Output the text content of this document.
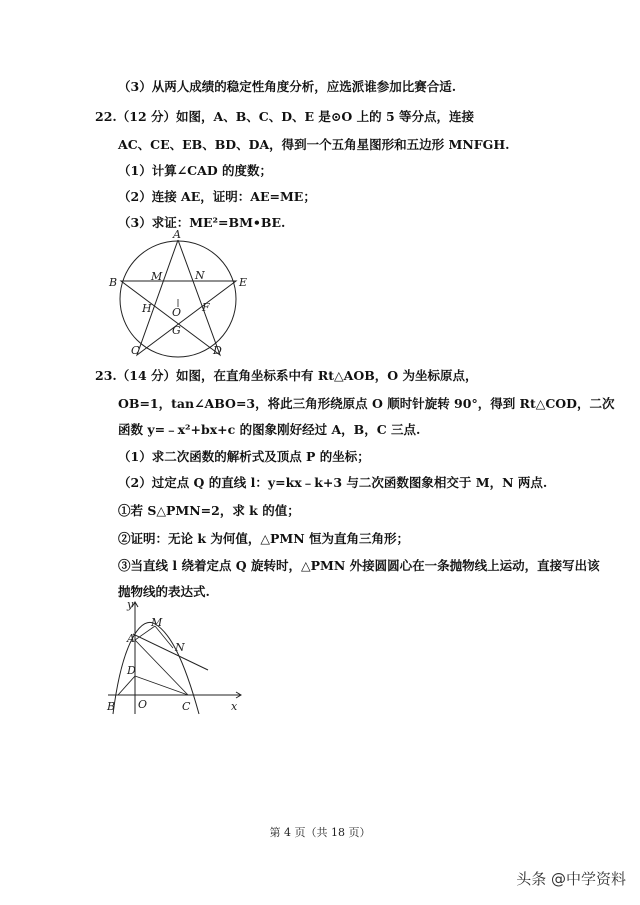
（3）从两人成绩的稳定性角度分析，应选派谁参加比赛合适.
22.（12 分）如图，A、B、C、D、E 是⊙O 上的 5 等分点，连接
AC、CE、EB、BD、DA，得到一个五角星图形和五边形 MNFGH.
（1）计算∠CAD 的度数；
（2）连接 AE，证明：AE=ME；
（3）求证：ME²=BM•BE.
A
B
C	D
E
M	N
O
H	F
G
23.（14 分）如图，在直角坐标系中有 Rt△AOB，O 为坐标原点，
OB=1，tan∠ABO=3，将此三角形绕原点 O 顺时针旋转 90°，得到 Rt△COD，二次
函数 y=﹣x²+bx+c 的图象刚好经过 A，B，C 三点.
（1）求二次函数的解析式及顶点 P 的坐标；
（2）过定点 Q 的直线 l：y=kx﹣k+3 与二次函数图象相交于 M，N 两点.
①若 S△PMN=2，求 k 的值；
②证明：无论 k 为何值，△PMN 恒为直角三角形；
③当直线 l 绕着定点 Q 旋转时，△PMN 外接圆圆心在一条抛物线上运动，直接写出该
抛物线的表达式.
y
x
A
M
N
D
B O	C
第 4 页（共 18 页）
头条 @中学资料
